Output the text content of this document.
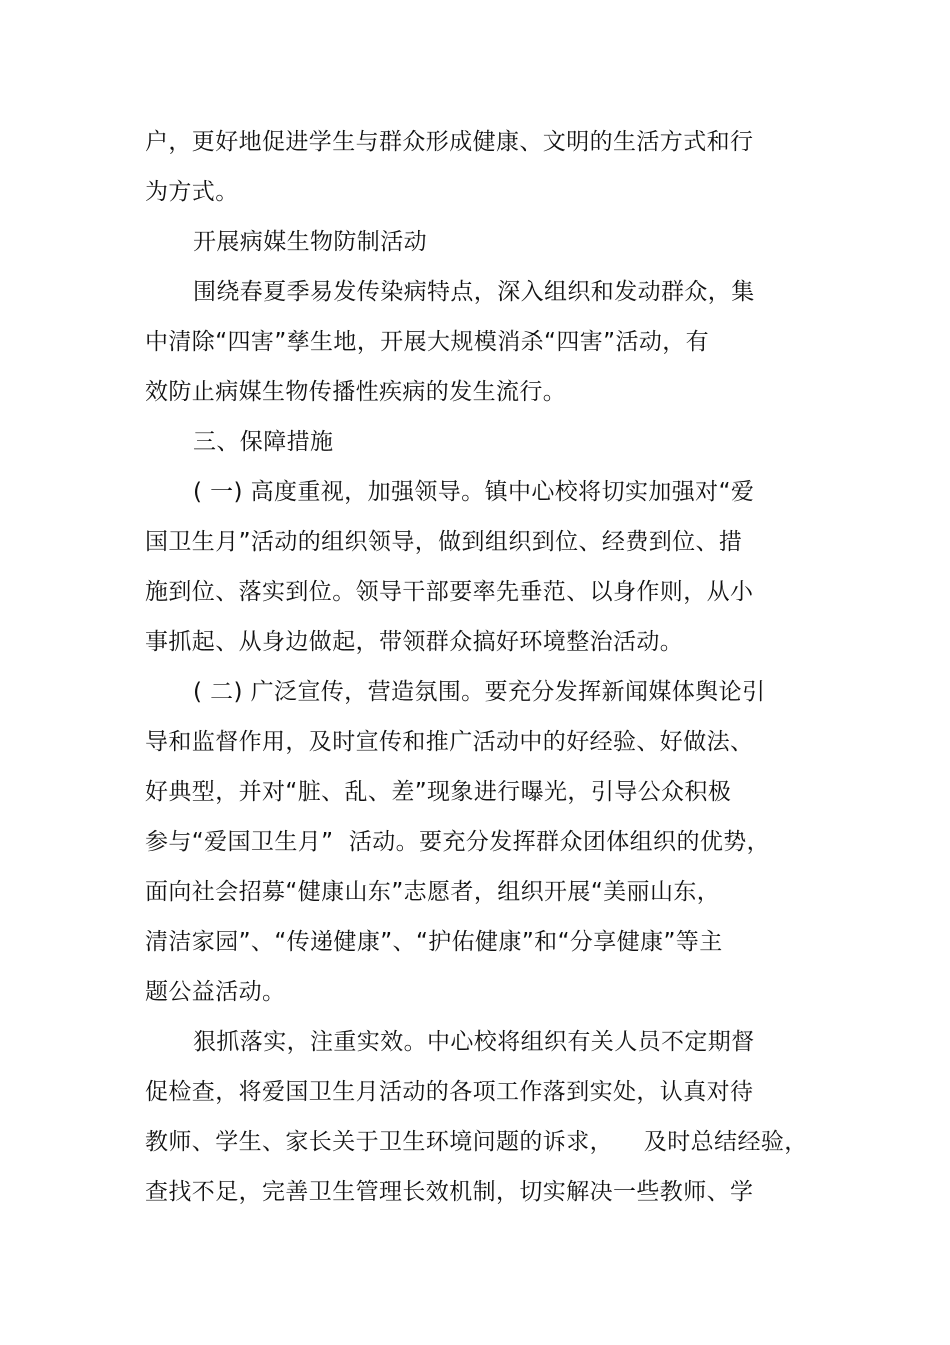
户，更好地促进学生与群众形成健康、文明的生活方式和行
为方式。
开展病媒生物防制活动
围绕春夏季易发传染病特点，深入组织和发动群众，集
中清除“四害”孳生地，开展大规模消杀“四害”活动，有
效防止病媒生物传播性疾病的发生流行。
三、保障措施
( 一) 高度重视，加强领导。镇中心校将切实加强对“爱
国卫生月”活动的组织领导，做到组织到位、经费到位、措
施到位、落实到位。领导干部要率先垂范、以身作则，从小
事抓起、从身边做起，带领群众搞好环境整治活动。
( 二) 广泛宣传，营造氛围。要充分发挥新闻媒体舆论引
导和监督作用，及时宣传和推广活动中的好经验、好做法、
好典型，并对“脏、乱、差”现象进行曝光，引导公众积极
参与“爱国卫生月”  活动。要充分发挥群众团体组织的优势，
面向社会招募“健康山东”志愿者，组织开展“美丽山东，
清洁家园”、“传递健康”、“护佑健康”和“分享健康”等主
题公益活动。
狠抓落实，注重实效。中心校将组织有关人员不定期督
促检查，将爱国卫生月活动的各项工作落到实处，认真对待
教师、学生、家长关于卫生环境问题的诉求，    及时总结经验，
查找不足，完善卫生管理长效机制，切实解决一些教师、学
